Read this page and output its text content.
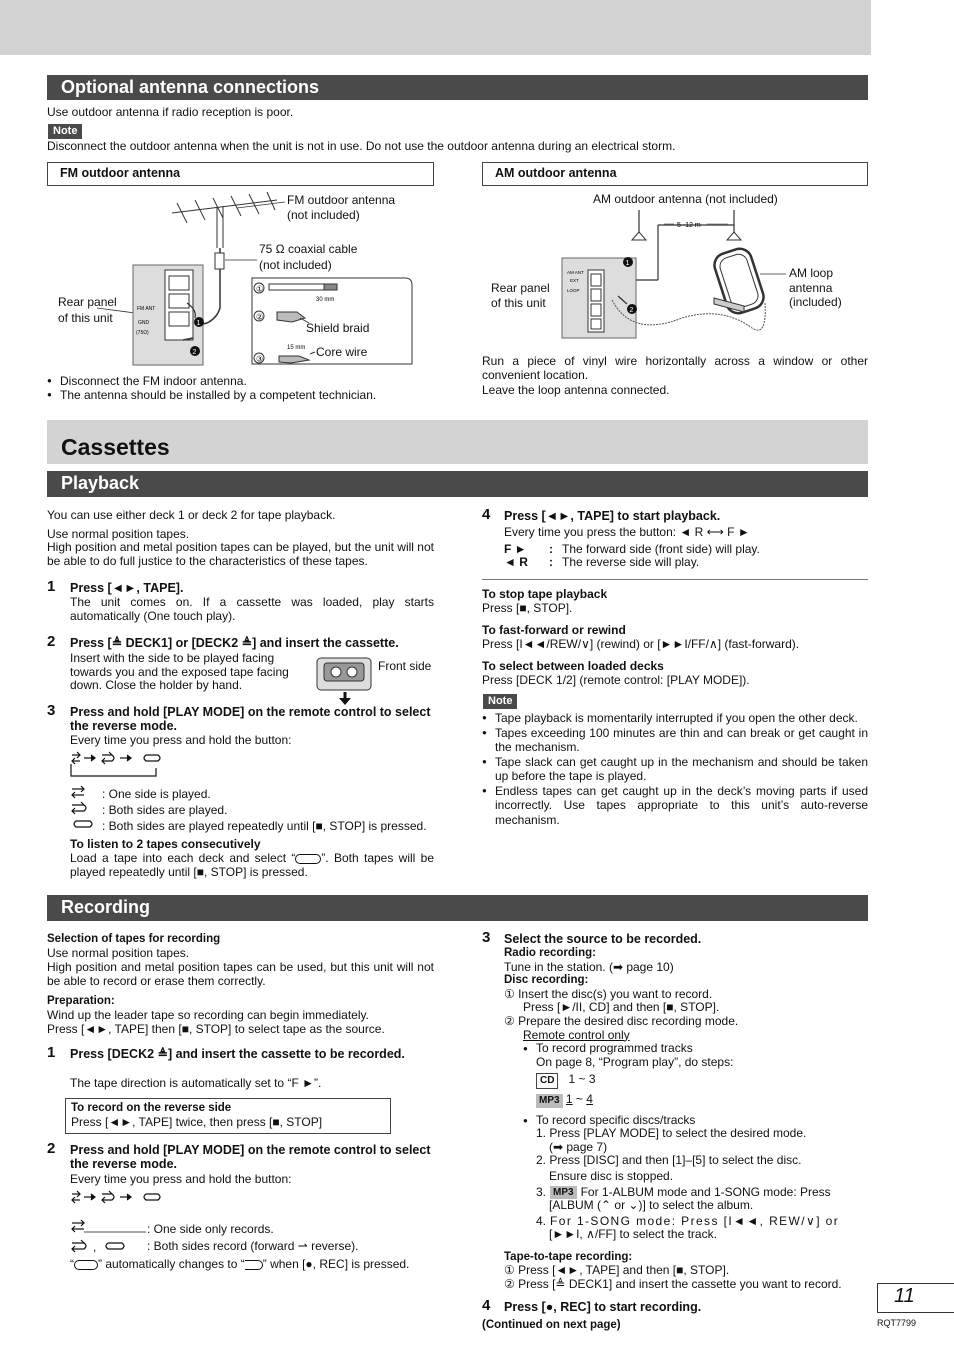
Optional antenna connections
Use outdoor antenna if radio reception is poor.
Note
Disconnect the outdoor antenna when the unit is not in use. Do not use the outdoor antenna during an electrical storm.
FM outdoor antenna	AM outdoor antenna
FM ANT
GND
(75Ω)
1
2
①
②
③
30 mm
15 mm
FM outdoor antenna
(not included)
75 Ω coaxial cable
(not included)
Rear panel
of this unit
Shield braid
Core wire
● Disconnect the FM indoor antenna.
● The antenna should be installed by a competent technician.
5 -12 m
AM ANT
EXT
LOOP
1
2
AM outdoor antenna (not included)
Rear panel
of this unit
AM loop
antenna
(included)
Run a piece of vinyl wire horizontally across a window or other convenient location.
Leave the loop antenna connected.
Cassettes
Playback
You can use either deck 1 or deck 2 for tape playback.
Use normal position tapes.
High position and metal position tapes can be played, but the unit will not be able to do full justice to the characteristics of these tapes.
1 Press [◄►, TAPE].
The unit comes on. If a cassette was loaded, play starts automatically (One touch play).
2 Press [≜ DECK1] or [DECK2 ≜] and insert the cassette.
Insert with the side to be played facing towards you and the exposed tape facing down. Close the holder by hand.
Front side
3 Press and hold [PLAY MODE] on the remote control to select the reverse mode.
Every time you press and hold the button:
: One side is played.
: Both sides are played.
: Both sides are played repeatedly until [■, STOP] is pressed.
To listen to 2 tapes consecutively
Load a tape into each deck and select “ ”. Both tapes will be played repeatedly until [■, STOP] is pressed.
4 Press [◄►, TAPE] to start playback.
Every time you press the button: ◄ R ⟷ F ►
F ► : The forward side (front side) will play.
◄ R : The reverse side will play.
To stop tape playback
Press [■, STOP].
To fast-forward or rewind
Press [I◄◄/REW/∨] (rewind) or [►►I/FF/∧] (fast-forward).
To select between loaded decks
Press [DECK 1/2] (remote control: [PLAY MODE]).
Note
● Tape playback is momentarily interrupted if you open the other deck.
● Tapes exceeding 100 minutes are thin and can break or get caught in the mechanism.
● Tape slack can get caught up in the mechanism and should be taken up before the tape is played.
● Endless tapes can get caught up in the deck’s moving parts if used incorrectly. Use tapes appropriate to this unit’s auto-reverse mechanism.
Recording
Selection of tapes for recording
Use normal position tapes.
High position and metal position tapes can be used, but this unit will not be able to record or erase them correctly.
Preparation:
Wind up the leader tape so recording can begin immediately.
Press [◄►, TAPE] then [■, STOP] to select tape as the source.
1 Press [DECK2 ≜] and insert the cassette to be recorded.
The tape direction is automatically set to “F ►”.
To record on the reverse side
Press [◄►, TAPE] twice, then press [■, STOP]
2 Press and hold [PLAY MODE] on the remote control to select the reverse mode.
Every time you press and hold the button:
,
: One side only records.
: Both sides record (forward ⇀ reverse).
“ ” automatically changes to “ ” when [●, REC] is pressed.
3 Select the source to be recorded.
Radio recording:
Tune in the station. (➡ page 10)
Disc recording:
① Insert the disc(s) you want to record.
Press [►/II, CD] and then [■, STOP].
② Prepare the desired disc recording mode.
Remote control only
● To record programmed tracks
On page 8, “Program play”, do steps:
CD 1 ~ 3
MP3 1 ~ 4
● To record specific discs/tracks
1. Press [PLAY MODE] to select the desired mode.
(➡ page 7)
2. Press [DISC] and then [1]–[5] to select the disc.
Ensure disc is stopped.
3. MP3 For 1-ALBUM mode and 1-SONG mode: Press
[ALBUM (⌃ or ⌄)] to select the album.
4. For 1-SONG mode: Press [I◄◄, REW/∨] or
[►►I, ∧/FF] to select the track.
Tape-to-tape recording:
① Press [◄►, TAPE] and then [■, STOP].
② Press [≜ DECK1] and insert the cassette you want to record.
4 Press [●, REC] to start recording.
(Continued on next page)
11
RQT7799
